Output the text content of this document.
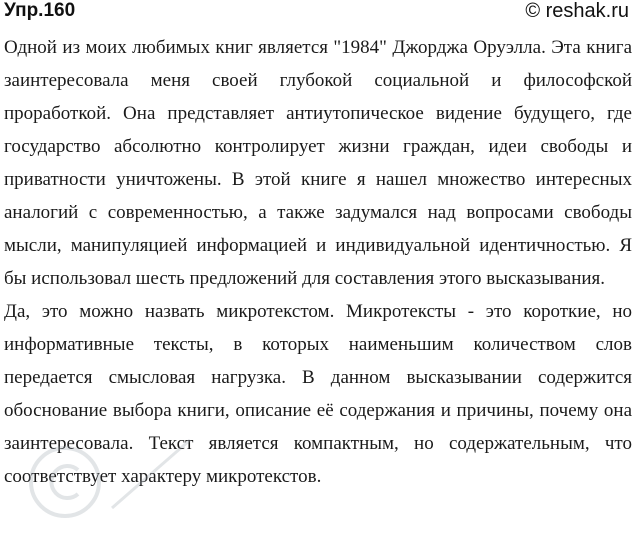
Упр.160	© reshak.ru

Одной из моих любимых книг является "1984" Джорджа Оруэлла. Эта книга заинтересовала меня своей глубокой социальной и философской проработкой. Она представляет антиутопическое видение будущего, где государство абсолютно контролирует жизни граждан, идеи свободы и приватности уничтожены. В этой книге я нашел множество интересных аналогий с современностью, а также задумался над вопросами свободы мысли, манипуляцией информацией и индивидуальной идентичностью. Я бы использовал шесть предложений для составления этого высказывания.

Да, это можно назвать микротекстом. Микротексты - это короткие, но информативные тексты, в которых наименьшим количеством слов передается смысловая нагрузка. В данном высказывании содержится обоснование выбора книги, описание её содержания и причины, почему она заинтересовала. Текст является компактным, но содержательным, что соответствует характеру микротекстов.
